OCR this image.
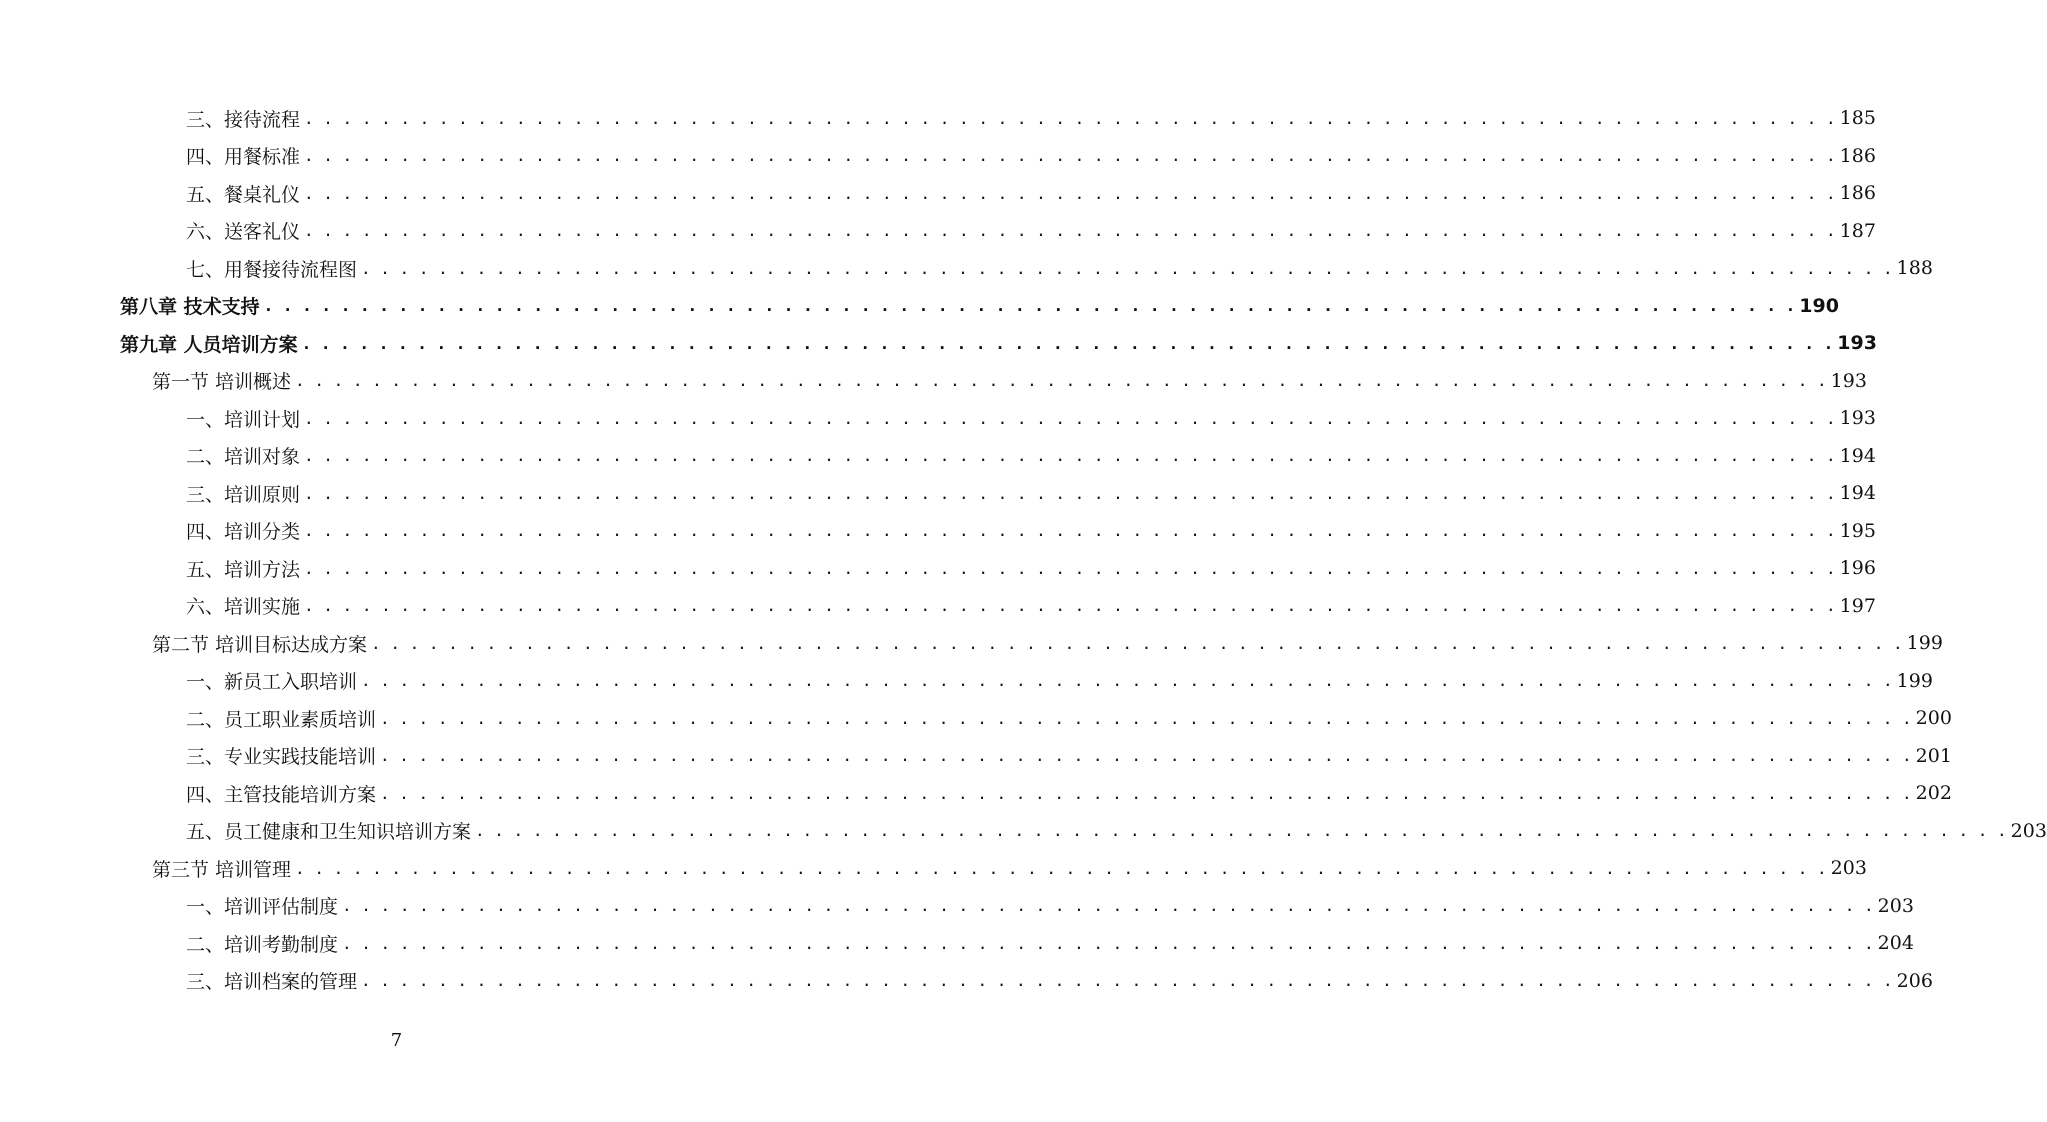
三、接待流程 . . . . . . . . . . . . . . . . . . . . . . . . . . . . . . . . . . . . . . . . . . . . . . . . . . . . . . . . . . . . . . . . . . . . . . . . . . . . . . . . 185
四、用餐标准 . . . . . . . . . . . . . . . . . . . . . . . . . . . . . . . . . . . . . . . . . . . . . . . . . . . . . . . . . . . . . . . . . . . . . . . . . . . . . . . . 186
五、餐桌礼仪 . . . . . . . . . . . . . . . . . . . . . . . . . . . . . . . . . . . . . . . . . . . . . . . . . . . . . . . . . . . . . . . . . . . . . . . . . . . . . . . . 186
六、送客礼仪 . . . . . . . . . . . . . . . . . . . . . . . . . . . . . . . . . . . . . . . . . . . . . . . . . . . . . . . . . . . . . . . . . . . . . . . . . . . . . . . . 187
七、用餐接待流程图 . . . . . . . . . . . . . . . . . . . . . . . . . . . . . . . . . . . . . . . . . . . . . . . . . . . . . . . . . . . . . . . . . . . . . . . . . . . . . . . . 188
第八章 技术支持 . . . . . . . . . . . . . . . . . . . . . . . . . . . . . . . . . . . . . . . . . . . . . . . . . . . . . . . . . . . . . . . . . . . . . . . . . . . . . . . . 190
第九章 人员培训方案 . . . . . . . . . . . . . . . . . . . . . . . . . . . . . . . . . . . . . . . . . . . . . . . . . . . . . . . . . . . . . . . . . . . . . . . . . . . . . . . . 193
第一节 培训概述 . . . . . . . . . . . . . . . . . . . . . . . . . . . . . . . . . . . . . . . . . . . . . . . . . . . . . . . . . . . . . . . . . . . . . . . . . . . . . . . . 193
一、培训计划 . . . . . . . . . . . . . . . . . . . . . . . . . . . . . . . . . . . . . . . . . . . . . . . . . . . . . . . . . . . . . . . . . . . . . . . . . . . . . . . . 193
二、培训对象 . . . . . . . . . . . . . . . . . . . . . . . . . . . . . . . . . . . . . . . . . . . . . . . . . . . . . . . . . . . . . . . . . . . . . . . . . . . . . . . . 194
三、培训原则 . . . . . . . . . . . . . . . . . . . . . . . . . . . . . . . . . . . . . . . . . . . . . . . . . . . . . . . . . . . . . . . . . . . . . . . . . . . . . . . . 194
四、培训分类 . . . . . . . . . . . . . . . . . . . . . . . . . . . . . . . . . . . . . . . . . . . . . . . . . . . . . . . . . . . . . . . . . . . . . . . . . . . . . . . . 195
五、培训方法 . . . . . . . . . . . . . . . . . . . . . . . . . . . . . . . . . . . . . . . . . . . . . . . . . . . . . . . . . . . . . . . . . . . . . . . . . . . . . . . . 196
六、培训实施 . . . . . . . . . . . . . . . . . . . . . . . . . . . . . . . . . . . . . . . . . . . . . . . . . . . . . . . . . . . . . . . . . . . . . . . . . . . . . . . . 197
第二节 培训目标达成方案 . . . . . . . . . . . . . . . . . . . . . . . . . . . . . . . . . . . . . . . . . . . . . . . . . . . . . . . . . . . . . . . . . . . . . . . . . . . . . . . . 199
一、新员工入职培训 . . . . . . . . . . . . . . . . . . . . . . . . . . . . . . . . . . . . . . . . . . . . . . . . . . . . . . . . . . . . . . . . . . . . . . . . . . . . . . . . 199
二、员工职业素质培训 . . . . . . . . . . . . . . . . . . . . . . . . . . . . . . . . . . . . . . . . . . . . . . . . . . . . . . . . . . . . . . . . . . . . . . . . . . . . . . . . 200
三、专业实践技能培训 . . . . . . . . . . . . . . . . . . . . . . . . . . . . . . . . . . . . . . . . . . . . . . . . . . . . . . . . . . . . . . . . . . . . . . . . . . . . . . . . 201
四、主管技能培训方案 . . . . . . . . . . . . . . . . . . . . . . . . . . . . . . . . . . . . . . . . . . . . . . . . . . . . . . . . . . . . . . . . . . . . . . . . . . . . . . . . 202
五、员工健康和卫生知识培训方案 . . . . . . . . . . . . . . . . . . . . . . . . . . . . . . . . . . . . . . . . . . . . . . . . . . . . . . . . . . . . . . . . . . . . . . . . . . . . . . . . 203
第三节 培训管理 . . . . . . . . . . . . . . . . . . . . . . . . . . . . . . . . . . . . . . . . . . . . . . . . . . . . . . . . . . . . . . . . . . . . . . . . . . . . . . . . 203
一、培训评估制度 . . . . . . . . . . . . . . . . . . . . . . . . . . . . . . . . . . . . . . . . . . . . . . . . . . . . . . . . . . . . . . . . . . . . . . . . . . . . . . . . 203
二、培训考勤制度 . . . . . . . . . . . . . . . . . . . . . . . . . . . . . . . . . . . . . . . . . . . . . . . . . . . . . . . . . . . . . . . . . . . . . . . . . . . . . . . . 204
三、培训档案的管理 . . . . . . . . . . . . . . . . . . . . . . . . . . . . . . . . . . . . . . . . . . . . . . . . . . . . . . . . . . . . . . . . . . . . . . . . . . . . . . . . 206
7
